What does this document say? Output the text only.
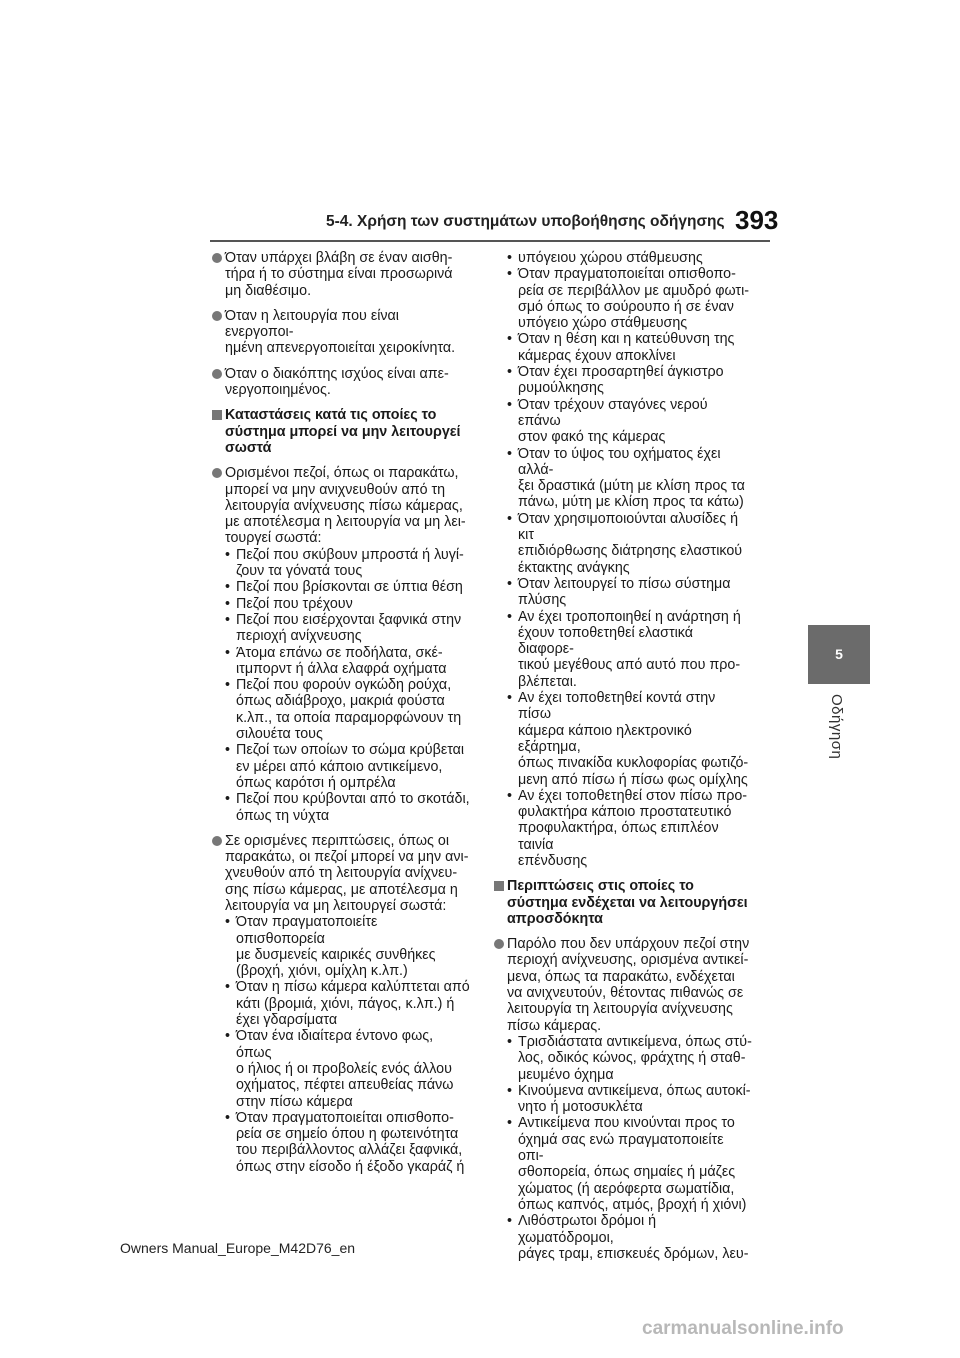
5-4. Χρήση των συστημάτων υποβοήθησης οδήγησης 393
5
Οδήγηση
Όταν υπάρχει βλάβη σε έναν αισθη-
τήρα ή το σύστημα είναι προσωρινά
μη διαθέσιμο.
Όταν η λειτουργία που είναι ενεργοποι-
ημένη απενεργοποιείται χειροκίνητα.
Όταν ο διακόπτης ισχύος είναι απε-
νεργοποιημένος.
Καταστάσεις κατά τις οποίες το
σύστημα μπορεί να μην λειτουργεί
σωστά
Ορισμένοι πεζοί, όπως οι παρακάτω,
μπορεί να μην ανιχνευθούν από τη
λειτουργία ανίχνευσης πίσω κάμερας,
με αποτέλεσμα η λειτουργία να μη λει-
τουργεί σωστά:
• Πεζοί που σκύβουν μπροστά ή λυγί-
ζουν τα γόνατά τους
• Πεζοί που βρίσκονται σε ύπτια θέση
• Πεζοί που τρέχουν
• Πεζοί που εισέρχονται ξαφνικά στην
περιοχή ανίχνευσης
• Άτομα επάνω σε ποδήλατα, σκέ-
ιτμπορντ ή άλλα ελαφρά οχήματα
• Πεζοί που φορούν ογκώδη ρούχα,
όπως αδιάβροχο, μακριά φούστα
κ.λπ., τα οποία παραμορφώνουν τη
σιλουέτα τους
• Πεζοί των οποίων το σώμα κρύβεται
εν μέρει από κάποιο αντικείμενο,
όπως καρότσι ή ομπρέλα
• Πεζοί που κρύβονται από το σκοτάδι,
όπως τη νύχτα
Σε ορισμένες περιπτώσεις, όπως οι
παρακάτω, οι πεζοί μπορεί να μην ανι-
χνευθούν από τη λειτουργία ανίχνευ-
σης πίσω κάμερας, με αποτέλεσμα η
λειτουργία να μη λειτουργεί σωστά:
• Όταν πραγματοποιείτε οπισθοπορεία
με δυσμενείς καιρικές συνθήκες
(βροχή, χιόνι, ομίχλη κ.λπ.)
• Όταν η πίσω κάμερα καλύπτεται από
κάτι (βρομιά, χιόνι, πάγος, κ.λπ.) ή
έχει γδαρσίματα
• Όταν ένα ιδιαίτερα έντονο φως, όπως
ο ήλιος ή οι προβολείς ενός άλλου
οχήματος, πέφτει απευθείας πάνω
στην πίσω κάμερα
• Όταν πραγματοποιείται οπισθοπο-
ρεία σε σημείο όπου η φωτεινότητα
του περιβάλλοντος αλλάζει ξαφνικά,
όπως στην είσοδο ή έξοδο γκαράζ ή
• υπόγειου χώρου στάθμευσης
• Όταν πραγματοποιείται οπισθοπο-
ρεία σε περιβάλλον με αμυδρό φωτι-
σμό όπως το σούρουπο ή σε έναν
υπόγειο χώρο στάθμευσης
• Όταν η θέση και η κατεύθυνση της
κάμερας έχουν αποκλίνει
• Όταν έχει προσαρτηθεί άγκιστρο
ρυμούλκησης
• Όταν τρέχουν σταγόνες νερού επάνω
στον φακό της κάμερας
• Όταν το ύψος του οχήματος έχει αλλά-
ξει δραστικά (μύτη με κλίση προς τα
πάνω, μύτη με κλίση προς τα κάτω)
• Όταν χρησιμοποιούνται αλυσίδες ή κιτ
επιδιόρθωσης διάτρησης ελαστικού
έκτακτης ανάγκης
• Όταν λειτουργεί το πίσω σύστημα
πλύσης
• Αν έχει τροποποιηθεί η ανάρτηση ή
έχουν τοποθετηθεί ελαστικά διαφορε-
τικού μεγέθους από αυτό που προ-
βλέπεται.
• Αν έχει τοποθετηθεί κοντά στην πίσω
κάμερα κάποιο ηλεκτρονικό εξάρτημα,
όπως πινακίδα κυκλοφορίας φωτιζό-
μενη από πίσω ή πίσω φως ομίχλης
• Αν έχει τοποθετηθεί στον πίσω προ-
φυλακτήρα κάποιο προστατευτικό
προφυλακτήρα, όπως επιπλέον ταινία
επένδυσης
Περιπτώσεις στις οποίες το
σύστημα ενδέχεται να λειτουργήσει
απροσδόκητα
Παρόλο που δεν υπάρχουν πεζοί στην
περιοχή ανίχνευσης, ορισμένα αντικεί-
μενα, όπως τα παρακάτω, ενδέχεται
να ανιχνευτούν, θέτοντας πιθανώς σε
λειτουργία τη λειτουργία ανίχνευσης
πίσω κάμερας.
• Τρισδιάστατα αντικείμενα, όπως στύ-
λος, οδικός κώνος, φράχτης ή σταθ-
μευμένο όχημα
• Κινούμενα αντικείμενα, όπως αυτοκί-
νητο ή μοτοσυκλέτα
• Αντικείμενα που κινούνται προς το
όχημά σας ενώ πραγματοποιείτε οπι-
σθοπορεία, όπως σημαίες ή μάζες
χώματος (ή αερόφερτα σωματίδια,
όπως καπνός, ατμός, βροχή ή χιόνι)
• Λιθόστρωτοι δρόμοι ή χωματόδρομοι,
ράγες τραμ, επισκευές δρόμων, λευ-
Owners Manual_Europe_M42D76_en
carmanualsonline.info
